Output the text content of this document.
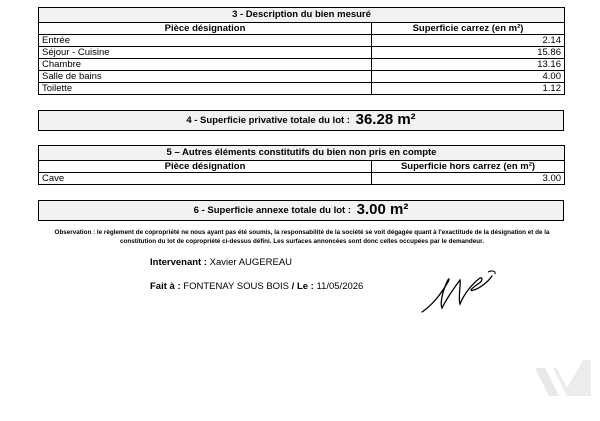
3 - Description du bien mesuré	
Pièce désignation	Superficie carrez (en m²)
Entrée	2.14
Séjour - Cuisine	15.86
Chambre	13.16
Salle de bains	4.00
Toilette	1.12
4 - Superficie privative totale du lot : 36.28 m²
5 – Autres éléments constitutifs du bien non pris en compte	
Pièce désignation	Superficie hors carrez (en m²)
Cave	3.00
6 - Superficie annexe totale du lot : 3.00 m²
Observation : le règlement de copropriété ne nous ayant pas été soumis, la responsabilité de la société se voit dégagée quant à l'exactitude de la désignation et de la constitution du lot de copropriété ci-dessus défini. Les surfaces annoncées sont donc celles occupées par le demandeur.
Intervenant : Xavier AUGEREAU
Fait à : FONTENAY SOUS BOIS / Le : 11/05/2026
